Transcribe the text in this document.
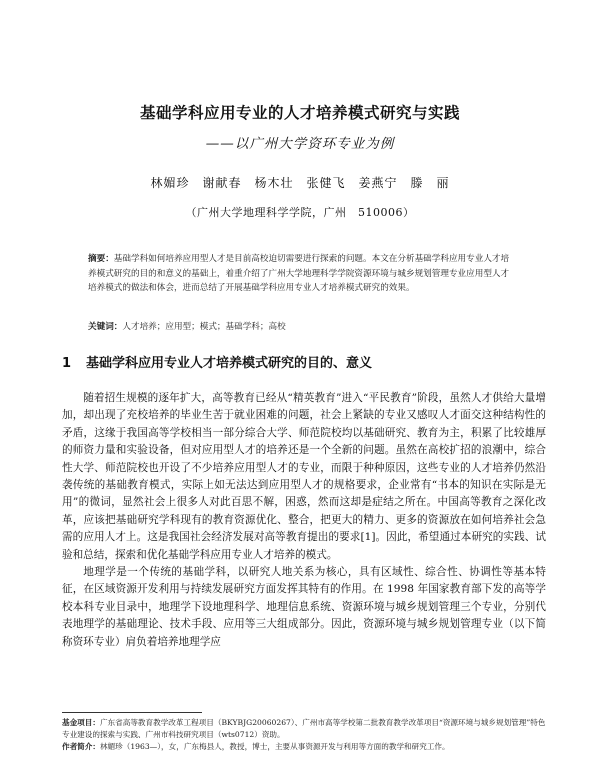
基础学科应用专业的人才培养模式研究与实践
——以广州大学资环专业为例
林媚珍　谢献春　杨木壮　张健飞　姜燕宁　滕　丽
（广州大学地理科学学院，广州　510006）
摘要：基础学科如何培养应用型人才是目前高校迫切需要进行探索的问题。本文在分析基础学科应用专业人才培养模式研究的目的和意义的基础上，着重介绍了广州大学地理科学学院资源环境与城乡规划管理专业应用型人才培养模式的做法和体会，进而总结了开展基础学科应用专业人才培养模式研究的效果。
关键词：人才培养；应用型；模式；基础学科；高校
1 基础学科应用专业人才培养模式研究的目的、意义

随着招生规模的逐年扩大，高等教育已经从“精英教育”进入“平民教育”阶段，虽然人才供给大量增加，却出现了充校培养的毕业生苦于就业困难的问题，社会上紧缺的专业又感叹人才面交这种结构性的矛盾，这缘于我国高等学校相当一部分综合大学、师范院校均以基础研究、教育为主，积累了比较雄厚的师资力量和实验设备，但对应用型人才的培养还是一个全新的问题。虽然在高校扩招的浪潮中，综合性大学、师范院校也开设了不少培养应用型人才的专业，而限于种种原因，这些专业的人才培养仍然沿袭传统的基础教育模式，实际上如无法达到应用型人才的规格要求，企业常有“书本的知识在实际是无用”的微词，显然社会上很多人对此百思不解，困惑，然而这却是症结之所在。中国高等教育之深化改革，应该把基础研究学科现有的教育资源优化、整合，把更大的精力、更多的资源放在如何培养社会急需的应用人才上。这是我国社会经济发展对高等教育提出的要求[1]。因此，希望通过本研究的实践、试验和总结，探索和优化基础学科应用专业人才培养的模式。

地理学是一个传统的基础学科，以研究人地关系为核心，具有区域性、综合性、协调性等基本特征，在区域资源开发利用与持续发展研究方面发挥其特有的作用。在 1998 年国家教育部下发的高等学校本科专业目录中，地理学下设地理科学、地理信息系统、资源环境与城乡规划管理三个专业，分别代表地理学的基础理论、技术手段、应用等三大组成部分。因此，资源环境与城乡规划管理专业（以下简称资环专业）肩负着培养地理学应

基金项目：广东省高等教育教学改革工程项目（BKYBJG20060267）、广州市高等学校第二批教育教学改革项目“资源环境与城乡规划管理”特色专业建设的探索与实践、广州市科技研究项目（wts0712）资助。
作者简介：林媚珍（1963—），女，广东梅县人，教授，博士，主要从事资源开发与利用等方面的教学和研究工作。
